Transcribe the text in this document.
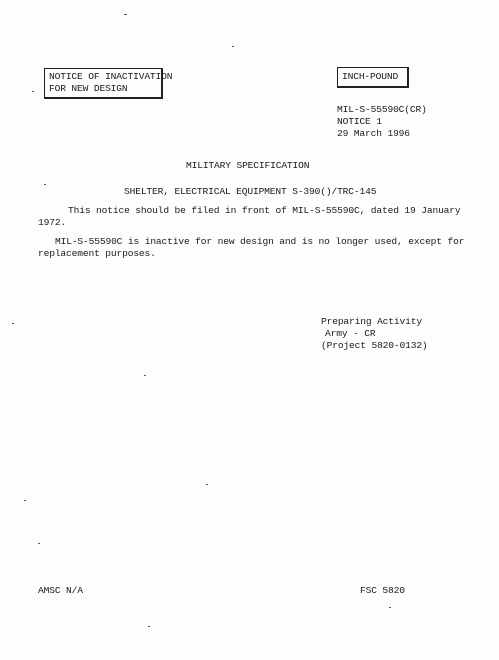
NOTICE OF INACTIVATION
FOR NEW DESIGN
INCH-POUND
MIL-S-55590C(CR)
NOTICE 1
29 March 1996
MILITARY SPECIFICATION
SHELTER, ELECTRICAL EQUIPMENT S-390()/TRC-145
This notice should be filed in front of MIL-S-55590C, dated 19 January
1972.
MIL-S-55590C is inactive for new design and is no longer used, except for
replacement purposes.
Preparing Activity
Army - CR
(Project 5820-0132)
AMSC N/A	FSC 5820
